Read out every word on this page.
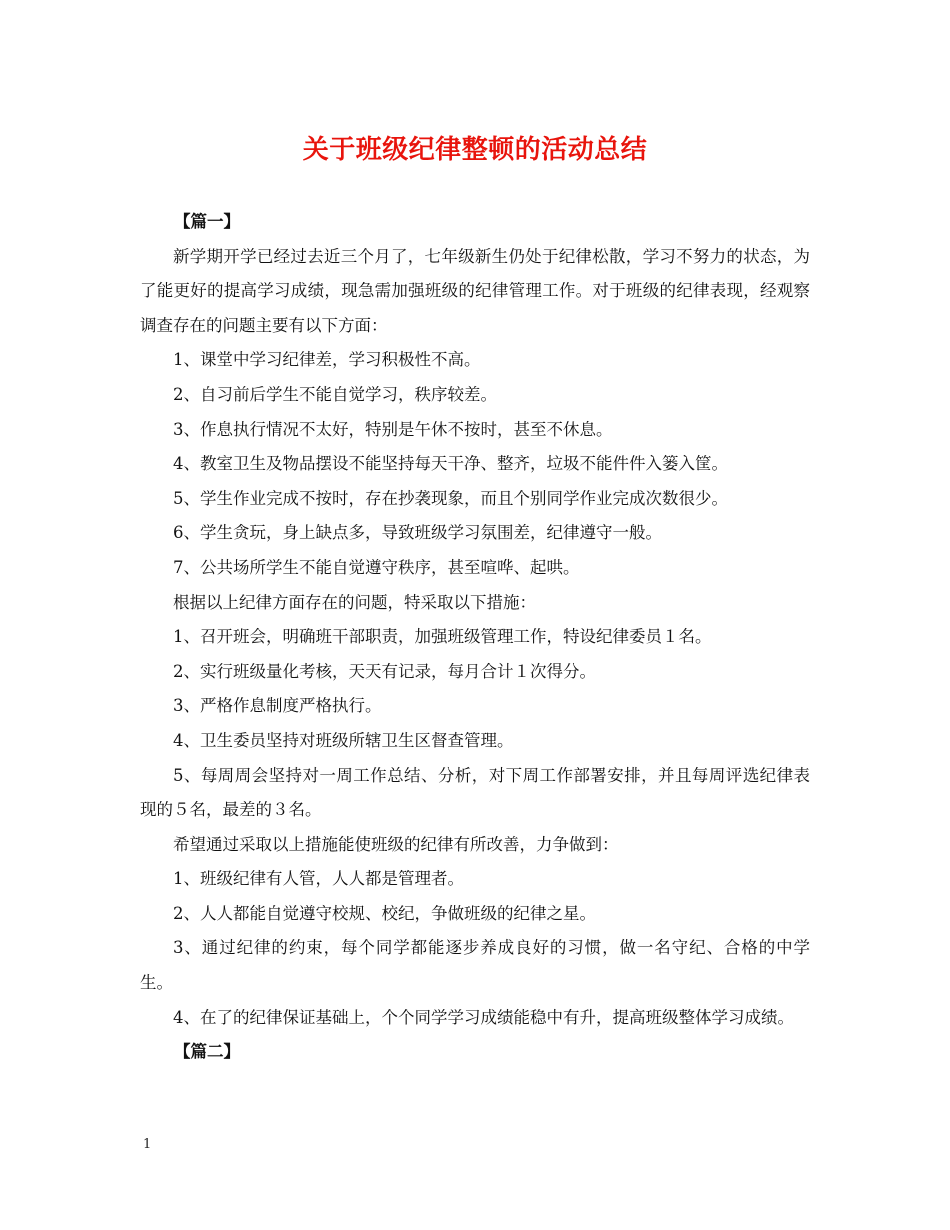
关于班级纪律整顿的活动总结

【篇一】

新学期开学已经过去近三个月了，七年级新生仍处于纪律松散，学习不努力的状态，为了能更好的提高学习成绩，现急需加强班级的纪律管理工作。对于班级的纪律表现，经观察调查存在的问题主要有以下方面：

1、课堂中学习纪律差，学习积极性不高。

2、自习前后学生不能自觉学习，秩序较差。

3、作息执行情况不太好，特别是午休不按时，甚至不休息。

4、教室卫生及物品摆设不能坚持每天干净、整齐，垃圾不能件件入篓入筐。

5、学生作业完成不按时，存在抄袭现象，而且个别同学作业完成次数很少。

6、学生贪玩，身上缺点多，导致班级学习氛围差，纪律遵守一般。

7、公共场所学生不能自觉遵守秩序，甚至喧哗、起哄。

根据以上纪律方面存在的问题，特采取以下措施：

1、召开班会，明确班干部职责，加强班级管理工作，特设纪律委员１名。

2、实行班级量化考核，天天有记录，每月合计１次得分。

3、严格作息制度严格执行。

4、卫生委员坚持对班级所辖卫生区督查管理。

5、每周周会坚持对一周工作总结、分析，对下周工作部署安排，并且每周评选纪律表现的５名，最差的３名。

希望通过采取以上措施能使班级的纪律有所改善，力争做到：

1、班级纪律有人管，人人都是管理者。

2、人人都能自觉遵守校规、校纪，争做班级的纪律之星。

3、通过纪律的约束，每个同学都能逐步养成良好的习惯，做一名守纪、合格的中学生。

4、在了的纪律保证基础上，个个同学学习成绩能稳中有升，提高班级整体学习成绩。

【篇二】

1
